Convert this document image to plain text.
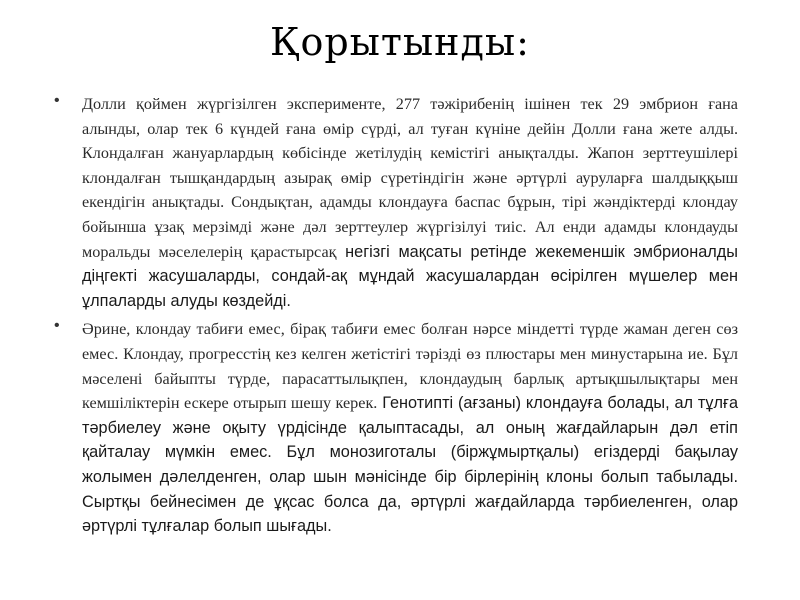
Қорытынды:
• Долли қоймен жүргізілген экспериментe, 277 тәжірибенің ішінен тек 29 эмбрион ғана алынды, олар тек 6 күндей ғана өмір сүрді, ал туған күніне дейін Долли ғана жете алды. Клондалған жануарлардың көбісінде жетілудің кемістігі анықталды. Жапон зерттеушілері клондалған тышқандардың азырақ өмір сүретіндігін және әртүрлі ауруларға шалдыққыш екендігін анықтады. Сондықтан, адамды клондауға баспас бұрын, тірі жәндіктерді клондау бойынша ұзақ мерзімді және дәл зерттеулер жүргізілуі тиіс. Ал енди адамды клондауды моральды мәселелерің қарастырсақ негізгі мақсаты ретінде жекеменшік эмбрионалды діңгекті жасушаларды, сондай-ақ мұндай жасушалардан өсірілген мүшелер мен ұлпаларды алуды көздейді.
• Әрине, клондау табиғи емес, бірақ табиғи емес болған нәрсе міндетті түрде жаман деген сөз емес. Клондау, прогресстің кез келген жетістігі тәрізді өз плюстары мен минустарына ие. Бұл мәселені байыпты түрде, парасаттылықпен, клондаудың барлық артықшылықтары мен кемшіліктерін ескере отырып шешу керек. Генотипті (ағзаны) клондауға болады, ал тұлға тәрбиелеу және оқыту үрдісінде қалыптасады, ал оның жағдайларын дәл етіп қайталау мүмкін емес. Бұл монозиготалы (біржұмыртқалы) егіздерді бақылау жолымен дәлелденген, олар шын мәнісінде бір бірлерінің клоны болып табылады. Сыртқы бейнесімен де ұқсас болса да, әртүрлі жағдайларда тәрбиеленген, олар әртүрлі тұлғалар болып шығады.
